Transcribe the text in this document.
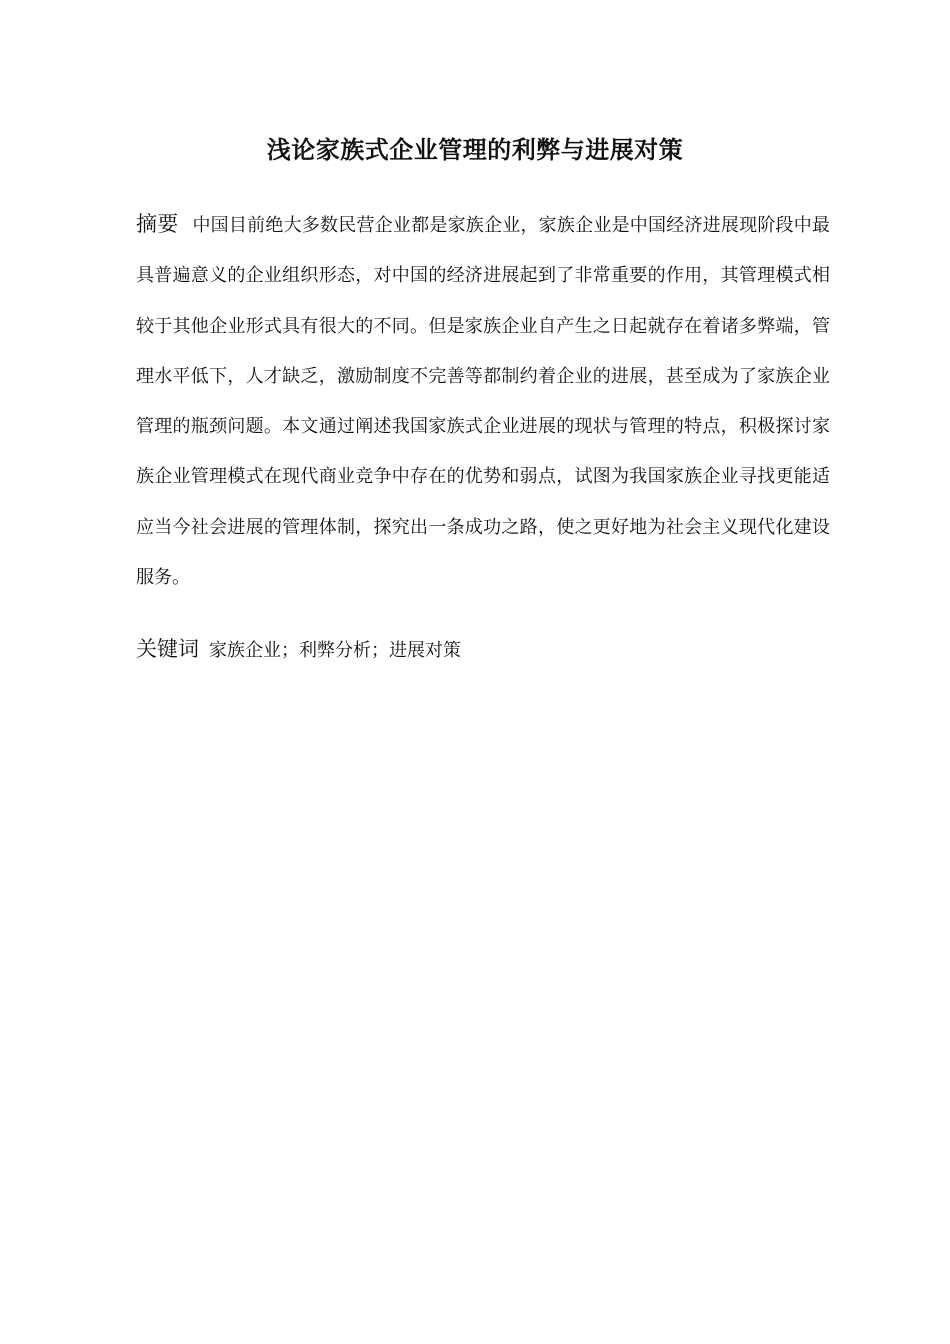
浅论家族式企业管理的利弊与进展对策

摘要 中国目前绝大多数民营企业都是家族企业，家族企业是中国经济进展现阶段中最具普遍意义的企业组织形态，对中国的经济进展起到了非常重要的作用，其管理模式相较于其他企业形式具有很大的不同。但是家族企业自产生之日起就存在着诸多弊端，管理水平低下，人才缺乏，激励制度不完善等都制约着企业的进展，甚至成为了家族企业管理的瓶颈问题。本文通过阐述我国家族式企业进展的现状与管理的特点，积极探讨家族企业管理模式在现代商业竞争中存在的优势和弱点，试图为我国家族企业寻找更能适应当今社会进展的管理体制，探究出一条成功之路，使之更好地为社会主义现代化建设服务。

关键词 家族企业；利弊分析；进展对策
